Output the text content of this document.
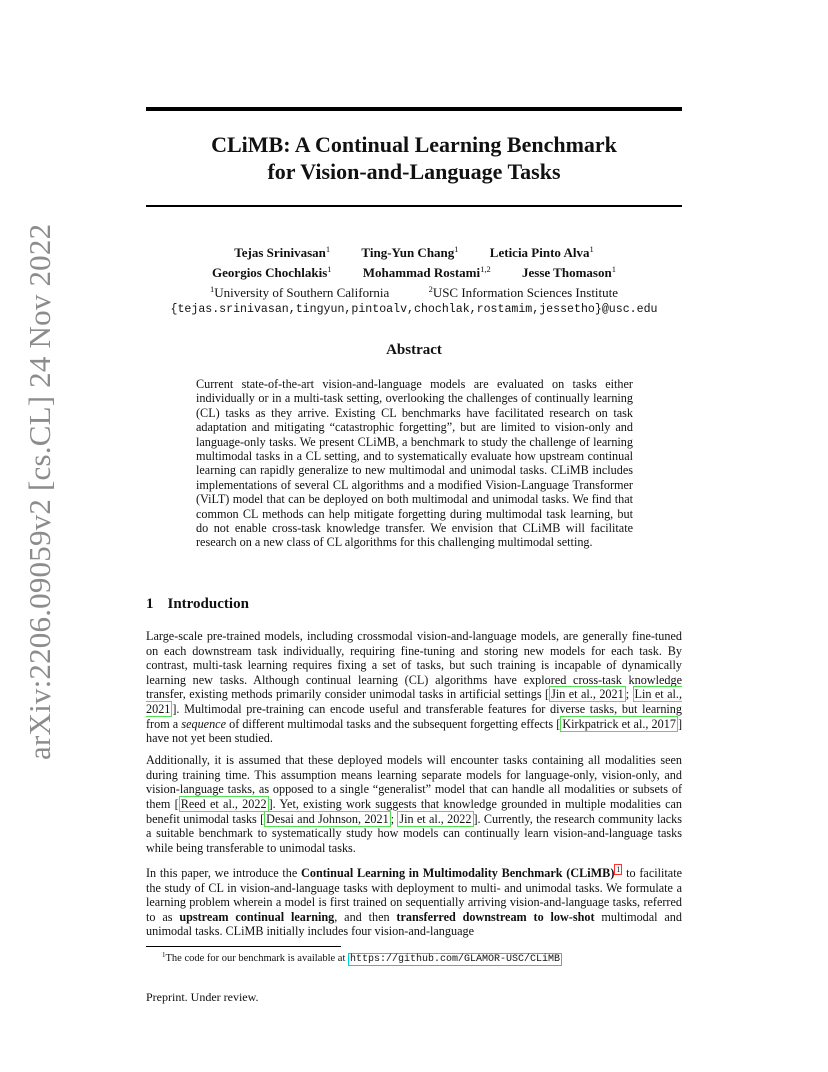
arXiv:2206.09059v2 [cs.CL] 24 Nov 2022
CLiMB: A Continual Learning Benchmark
for Vision-and-Language Tasks
Tejas Srinivasan$^1$ Ting-Yun Chang$^1$ Leticia Pinto Alva$^1$
Georgios Chochlakis$^1$ Mohammad Rostami$^{1,2}$ Jesse Thomason$^1$
$^1$University of Southern California	$^2$USC Information Sciences Institute
{tejas.srinivasan,tingyun,pintoalv,chochlak,rostamim,jessetho}@usc.edu
Abstract

Current state-of-the-art vision-and-language models are evaluated on tasks either individually or in a multi-task setting, overlooking the challenges of continually learning (CL) tasks as they arrive. Existing CL benchmarks have facilitated research on task adaptation and mitigating “catastrophic forgetting”, but are limited to vision-only and language-only tasks. We present CLiMB, a benchmark to study the challenge of learning multimodal tasks in a CL setting, and to systematically evaluate how upstream continual learning can rapidly generalize to new multimodal and unimodal tasks. CLiMB includes implementations of several CL algorithms and a modified Vision-Language Transformer (ViLT) model that can be deployed on both multimodal and unimodal tasks. We find that common CL methods can help mitigate forgetting during multimodal task learning, but do not enable cross-task knowledge transfer. We envision that CLiMB will facilitate research on a new class of CL algorithms for this challenging multimodal setting.

1 Introduction

Large-scale pre-trained models, including crossmodal vision-and-language models, are generally fine-tuned on each downstream task individually, requiring fine-tuning and storing new models for each task. By contrast, multi-task learning requires fixing a set of tasks, but such training is incapable of dynamically learning new tasks. Although continual learning (CL) algorithms have explored cross-task knowledge transfer, existing methods primarily consider unimodal tasks in artificial settings [ Jin et al., 2021 ; Lin et al., 2021 ]. Multimodal pre-training can encode useful and transferable features for diverse tasks, but learning from a sequence of different multimodal tasks and the subsequent forgetting effects [ Kirkpatrick et al., 2017 ] have not yet been studied.

Additionally, it is assumed that these deployed models will encounter tasks containing all modalities seen during training time. This assumption means learning separate models for language-only, vision-only, and vision-language tasks, as opposed to a single “generalist” model that can handle all modalities or subsets of them [ Reed et al., 2022 ]. Yet, existing work suggests that knowledge grounded in multiple modalities can benefit unimodal tasks [ Desai and Johnson, 2021 ; Jin et al., 2022 ]. Currently, the research community lacks a suitable benchmark to systematically study how models can continually learn vision-and-language tasks while being transferable to unimodal tasks.

In this paper, we introduce the Continual Learning in Multimodality Benchmark (CLiMB) $^1$ to facilitate the study of CL in vision-and-language tasks with deployment to multi- and unimodal tasks. We formulate a learning problem wherein a model is first trained on sequentially arriving vision-and-language tasks, referred to as upstream continual learning, and then transferred downstream to low-shot multimodal and unimodal tasks. CLiMB initially includes four vision-and-language

$^1$The code for our benchmark is available at https://github.com/GLAMOR-USC/CLiMB
Preprint. Under review.
